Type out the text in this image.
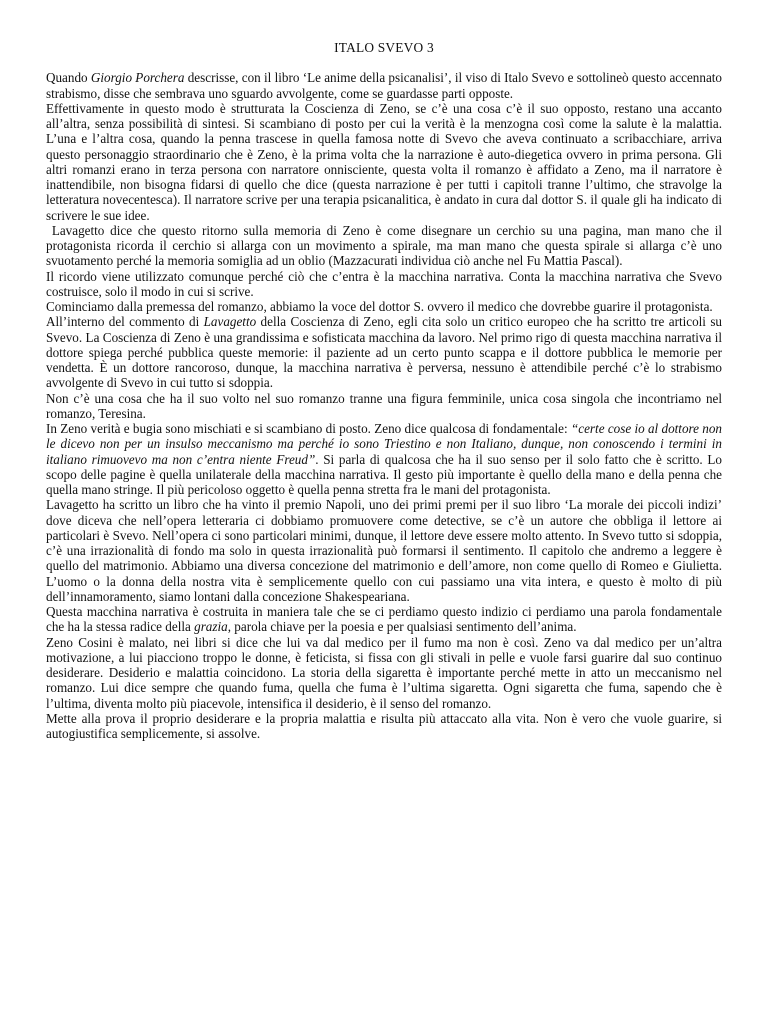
ITALO SVEVO 3

Quando Giorgio Porchera descrisse, con il libro ‘Le anime della psicanalisi’, il viso di Italo Svevo e sottolineò questo accennato strabismo, disse che sembrava uno sguardo avvolgente, come se guardasse parti opposte.

Effettivamente in questo modo è strutturata la Coscienza di Zeno, se c’è una cosa c’è il suo opposto, restano una accanto all’altra, senza possibilità di sintesi. Si scambiano di posto per cui la verità è la menzogna così come la salute è la malattia. L’una e l’altra cosa, quando la penna trascese in quella famosa notte di Svevo che aveva continuato a scribacchiare, arriva questo personaggio straordinario che è Zeno, è la prima volta che la narrazione è auto-diegetica ovvero in prima persona. Gli altri romanzi erano in terza persona con narratore onnisciente, questa volta il romanzo è affidato a Zeno, ma il narratore è inattendibile, non bisogna fidarsi di quello che dice (questa narrazione è per tutti i capitoli tranne l’ultimo, che stravolge la letteratura novecentesca). Il narratore scrive per una terapia psicanalitica, è andato in cura dal dottor S. il quale gli ha indicato di scrivere le sue idee.

Lavagetto dice che questo ritorno sulla memoria di Zeno è come disegnare un cerchio su una pagina, man mano che il protagonista ricorda il cerchio si allarga con un movimento a spirale, ma man mano che questa spirale si allarga c’è uno svuotamento perché la memoria somiglia ad un oblio (Mazzacurati individua ciò anche nel Fu Mattia Pascal).

Il ricordo viene utilizzato comunque perché ciò che c’entra è la macchina narrativa. Conta la macchina narrativa che Svevo costruisce, solo il modo in cui si scrive.

Cominciamo dalla premessa del romanzo, abbiamo la voce del dottor S. ovvero il medico che dovrebbe guarire il protagonista.

All’interno del commento di Lavagetto della Coscienza di Zeno, egli cita solo un critico europeo che ha scritto tre articoli su Svevo. La Coscienza di Zeno è una grandissima e sofisticata macchina da lavoro. Nel primo rigo di questa macchina narrativa il dottore spiega perché pubblica queste memorie: il paziente ad un certo punto scappa e il dottore pubblica le memorie per vendetta. È un dottore rancoroso, dunque, la macchina narrativa è perversa, nessuno è attendibile perché c’è lo strabismo avvolgente di Svevo in cui tutto si sdoppia.

Non c’è una cosa che ha il suo volto nel suo romanzo tranne una figura femminile, unica cosa singola che incontriamo nel romanzo, Teresina.

In Zeno verità e bugia sono mischiati e si scambiano di posto. Zeno dice qualcosa di fondamentale: “certe cose io al dottore non le dicevo non per un insulso meccanismo ma perché io sono Triestino e non Italiano, dunque, non conoscendo i termini in italiano rimuovevo ma non c’entra niente Freud”. Si parla di qualcosa che ha il suo senso per il solo fatto che è scritto. Lo scopo delle pagine è quella unilaterale della macchina narrativa. Il gesto più importante è quello della mano e della penna che quella mano stringe. Il più pericoloso oggetto è quella penna stretta fra le mani del protagonista.

Lavagetto ha scritto un libro che ha vinto il premio Napoli, uno dei primi premi per il suo libro ‘La morale dei piccoli indizi’ dove diceva che nell’opera letteraria ci dobbiamo promuovere come detective, se c’è un autore che obbliga il lettore ai particolari è Svevo. Nell’opera ci sono particolari minimi, dunque, il lettore deve essere molto attento. In Svevo tutto si sdoppia, c’è una irrazionalità di fondo ma solo in questa irrazionalità può formarsi il sentimento. Il capitolo che andremo a leggere è quello del matrimonio. Abbiamo una diversa concezione del matrimonio e dell’amore, non come quello di Romeo e Giulietta. L’uomo o la donna della nostra vita è semplicemente quello con cui passiamo una vita intera, e questo è molto di più dell’innamoramento, siamo lontani dalla concezione Shakespeariana.

Questa macchina narrativa è costruita in maniera tale che se ci perdiamo questo indizio ci perdiamo una parola fondamentale che ha la stessa radice della grazia, parola chiave per la poesia e per qualsiasi sentimento dell’anima.

Zeno Cosini è malato, nei libri si dice che lui va dal medico per il fumo ma non è così. Zeno va dal medico per un’altra motivazione, a lui piacciono troppo le donne, è feticista, si fissa con gli stivali in pelle e vuole farsi guarire dal suo continuo desiderare. Desiderio e malattia coincidono. La storia della sigaretta è importante perché mette in atto un meccanismo nel romanzo. Lui dice sempre che quando fuma, quella che fuma è l’ultima sigaretta. Ogni sigaretta che fuma, sapendo che è l’ultima, diventa molto più piacevole, intensifica il desiderio, è il senso del romanzo.

Mette alla prova il proprio desiderare e la propria malattia e risulta più attaccato alla vita. Non è vero che vuole guarire, si autogiustifica semplicemente, si assolve.
